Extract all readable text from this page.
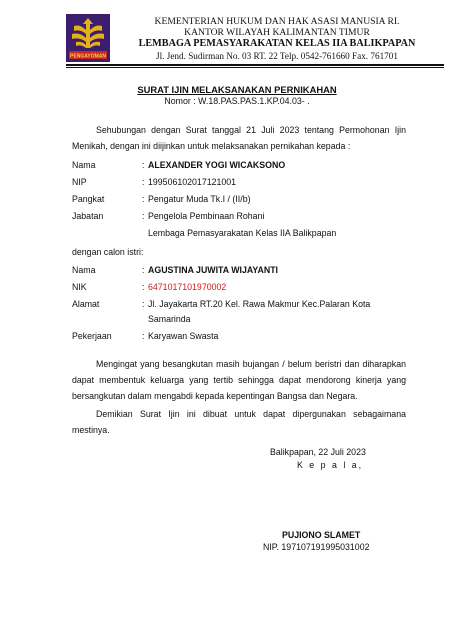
PENGAYOMAN
KEMENTERIAN HUKUM DAN HAK ASASI MANUSIA RI.
KANTOR WILAYAH KALIMANTAN TIMUR
LEMBAGA PEMASYARAKATAN KELAS IIA BALIKPAPAN
Jl. Jend. Sudirman No. 03 RT. 22 Telp. 0542-761660 Fax. 761701
SURAT IJIN MELAKSANAKAN PERNIKAHAN
Nomor : W.18.PAS.PAS.1.KP.04.03- .
Sehubungan dengan Surat tanggal 21 Juli 2023 tentang Permohonan Ijin Menikah, dengan ini diijinkan untuk melaksanakan pernikahan kepada :
Nama	: ALEXANDER YOGI WICAKSONO
NIP	: 199506102017121001
Pangkat	: Pengatur Muda Tk.I / (II/b)
Jabatan	: Pengelola Pembinaan Rohani
Lembaga Pemasyarakatan Kelas IIA Balikpapan
dengan calon istri:
Nama	: AGUSTINA JUWITA WIJAYANTI
NIK	: 6471017101970002
Alamat	: Jl. Jayakarta RT.20 Kel. Rawa Makmur Kec.Palaran Kota
Samarinda
Pekerjaan	: Karyawan Swasta
Mengingat yang besangkutan masih bujangan / belum beristri dan diharapkan dapat membentuk keluarga yang tertib sehingga dapat mendorong kinerja yang bersangkutan dalam mengabdi kepada kepentingan Bangsa dan Negara.
Demikian Surat Ijin ini dibuat untuk dapat dipergunakan sebagaimana mestinya.
Balikpapan, 22 Juli 2023
K e p a l a,
PUJIONO SLAMET
NIP. 197107191995031002
